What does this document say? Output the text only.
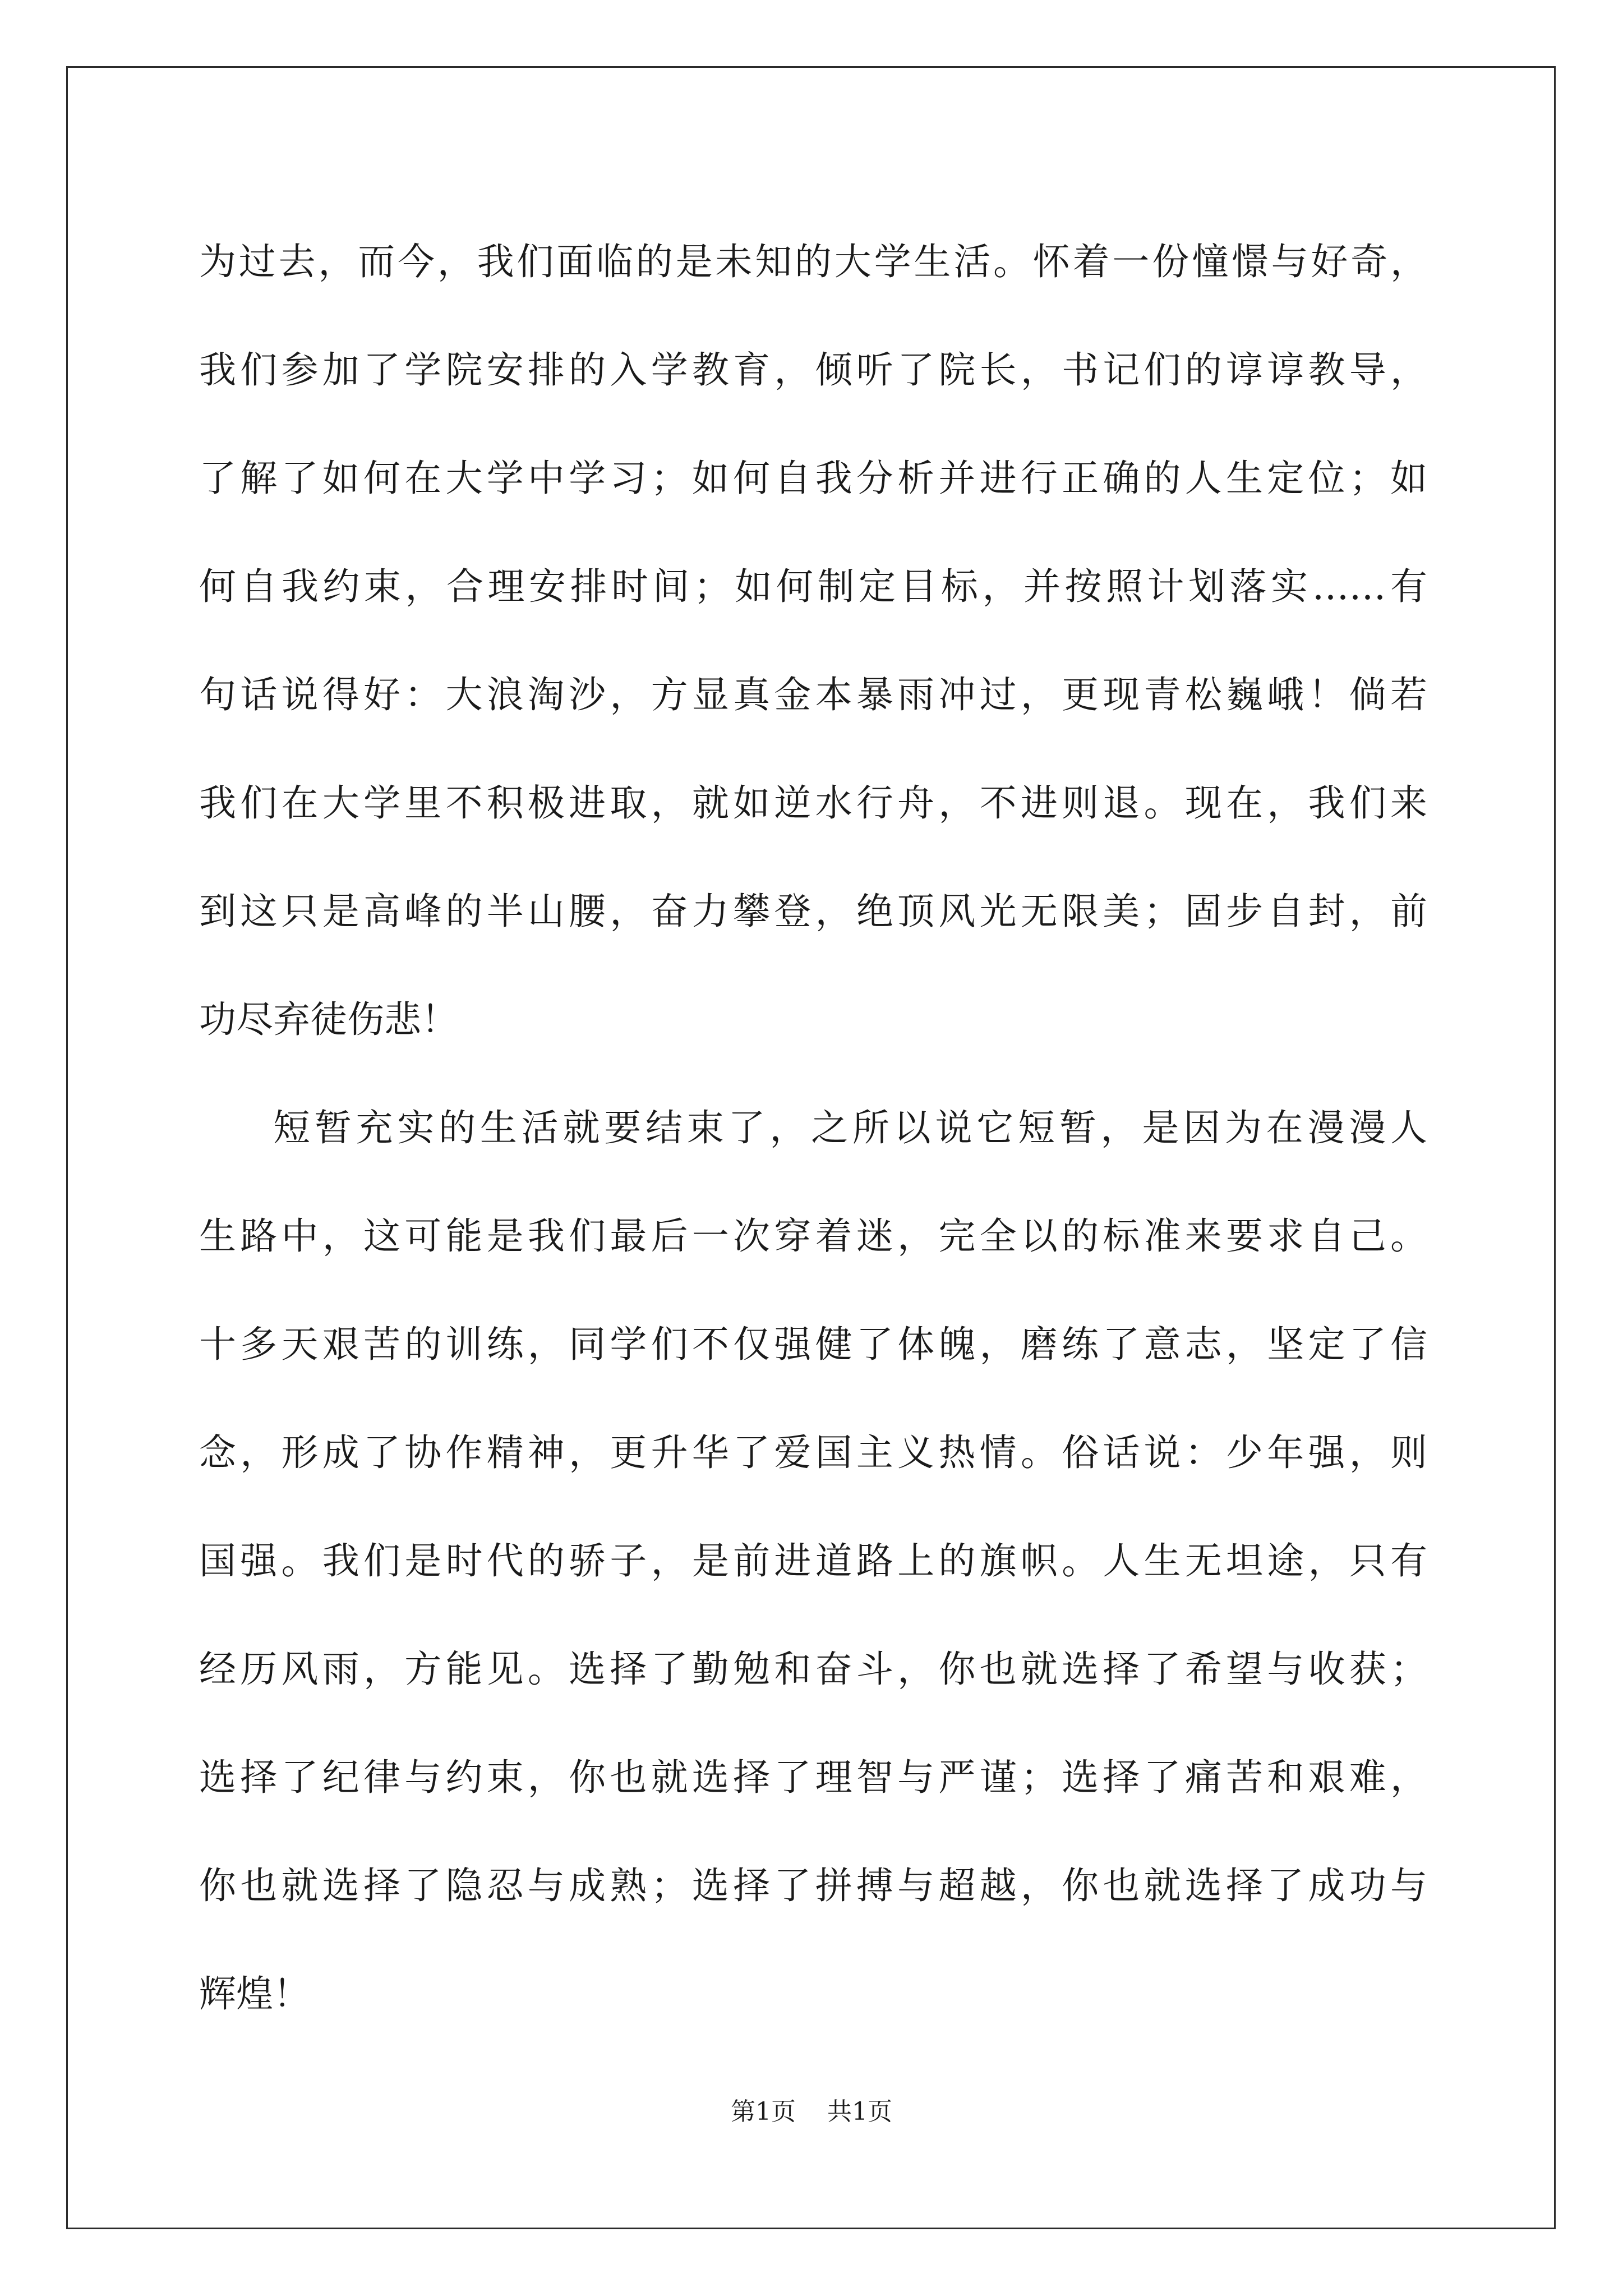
为过去，而今，我们面临的是未知的大学生活。怀着一份憧憬与好奇，
我们参加了学院安排的入学教育，倾听了院长，书记们的谆谆教导，
了解了如何在大学中学习；如何自我分析并进行正确的人生定位；如
何自我约束，合理安排时间；如何制定目标，并按照计划落实……有
句话说得好：大浪淘沙，方显真金本暴雨冲过，更现青松巍峨！倘若
我们在大学里不积极进取，就如逆水行舟，不进则退。现在，我们来
到这只是高峰的半山腰，奋力攀登，绝顶风光无限美；固步自封，前
功尽弃徒伤悲！
短暂充实的生活就要结束了，之所以说它短暂，是因为在漫漫人
生路中，这可能是我们最后一次穿着迷，完全以的标准来要求自己。
十多天艰苦的训练，同学们不仅强健了体魄，磨练了意志，坚定了信
念，形成了协作精神，更升华了爱国主义热情。俗话说：少年强，则
国强。我们是时代的骄子，是前进道路上的旗帜。人生无坦途，只有
经历风雨，方能见。选择了勤勉和奋斗，你也就选择了希望与收获；
选择了纪律与约束，你也就选择了理智与严谨；选择了痛苦和艰难，
你也就选择了隐忍与成熟；选择了拼搏与超越，你也就选择了成功与
辉煌！
第1页 共1页
